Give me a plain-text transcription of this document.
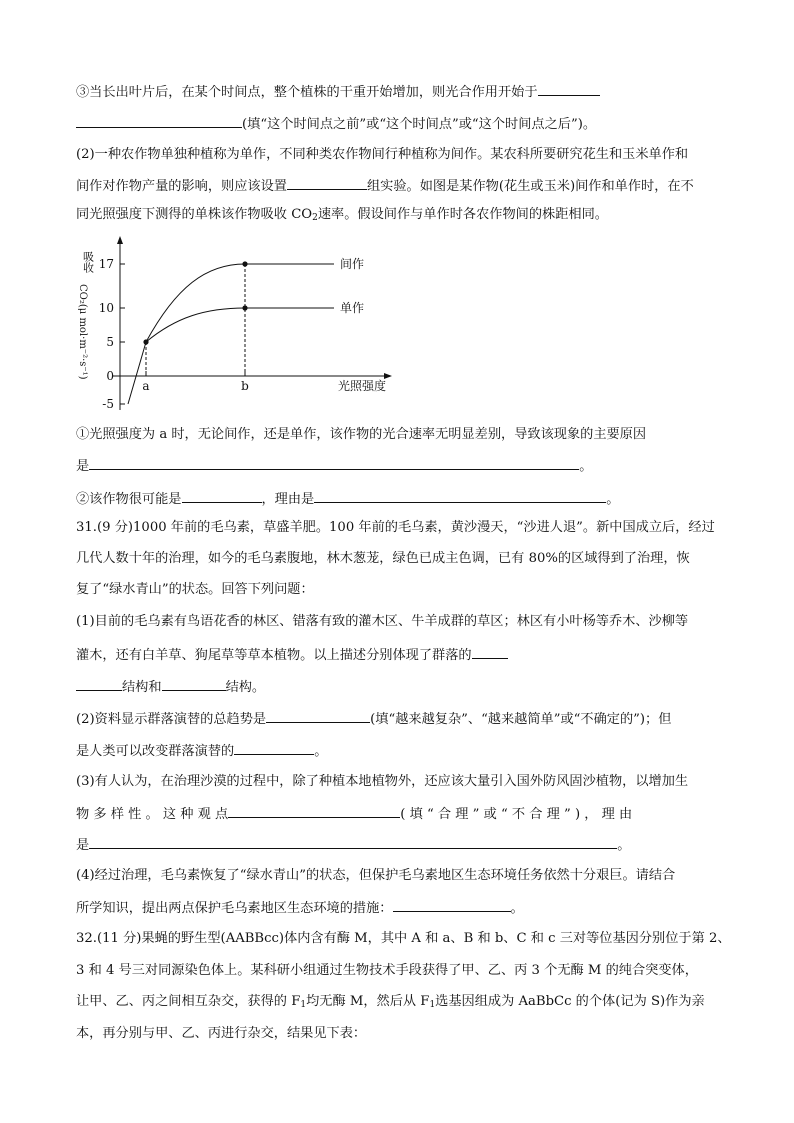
③当长出叶片后，在某个时间点，整个植株的干重开始增加，则光合作用开始于
(填“这个时间点之前”或“这个时间点”或“这个时间点之后”)。
(2)一种农作物单独种植称为单作，不同种类农作物间行种植称为间作。某农科所要研究花生和玉米单作和
间作对作物产量的影响，则应该设置	组实验。如图是某作物(花生或玉米)间作和单作时，在不
同光照强度下测得的单株该作物吸收 $CO_2$速率。假设间作与单作时各农作物间的株距相同。
17
10
5
0
-5
吸收
CO₂(μ mol·m⁻²·s⁻¹)
a	b	光照强度
间作
单作
①光照强度为 a 时，无论间作，还是单作，该作物的光合速率无明显差别，导致该现象的主要原因
是	。
②该作物很可能是	，理由是	。
31.(9 分)1000 年前的毛乌素，草盛羊肥。100 年前的毛乌素，黄沙漫天，“沙进人退”。新中国成立后，经过
几代人数十年的治理，如今的毛乌素腹地，林木葱茏，绿色已成主色调，已有 80%的区域得到了治理，恢
复了“绿水青山”的状态。回答下列问题：
(1)目前的毛乌素有鸟语花香的林区、错落有致的灌木区、牛羊成群的草区；林区有小叶杨等乔木、沙柳等
灌木，还有白羊草、狗尾草等草本植物。以上描述分别体现了群落的
结构和	结构。
(2)资料显示群落演替的总趋势是	(填“越来越复杂”、“越来越简单”或“不确定的”)；但
是人类可以改变群落演替的	。
(3)有人认为，在治理沙漠的过程中，除了种植本地植物外，还应该大量引入国外防风固沙植物，以增加生
物 多 样 性 。 这 种 观 点	( 填 “ 合 理 ” 或 “ 不 合 理 ” ) ， 理 由
是	。
(4)经过治理，毛乌素恢复了“绿水青山”的状态，但保护毛乌素地区生态环境任务依然十分艰巨。请结合
所学知识，提出两点保护毛乌素地区生态环境的措施：	。
32.(11 分)果蝇的野生型(AABBcc)体内含有酶 M，其中 A 和 a、B 和 b、C 和 c 三对等位基因分别位于第 2、
3 和 4 号三对同源染色体上。某科研小组通过生物技术手段获得了甲、乙、丙 3 个无酶 M 的纯合突变体，
让甲、乙、丙之间相互杂交，获得的 $F_1$均无酶 M，然后从 $F_1$选基因组成为 AaBbCc 的个体(记为 S)作为亲
本，再分别与甲、乙、丙进行杂交，结果见下表：
